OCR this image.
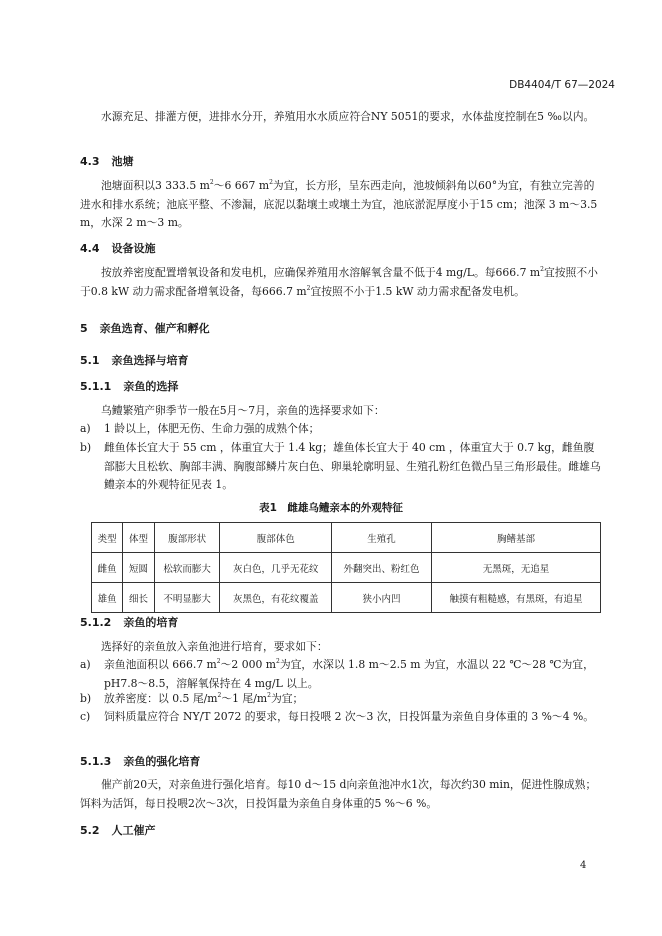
DB4404/T 67—2024
水源充足、排灌方便，进排水分开，养殖用水水质应符合NY 5051的要求，水体盐度控制在5 ‰以内。
4.3 池塘
池塘面积以3 333.5 $m^2\sim 6$ 667 $m^2$为宜，长方形，呈东西走向，池坡倾斜角以60°为宜，有独立完善的进水和排水系统；池底平整、不渗漏，底泥以黏壤土或壤土为宜，池底淤泥厚度小于15 cm；池深 3 m～3.5 m，水深 2 m～3 m。
4.4 设备设施
按放养密度配置增氧设备和发电机，应确保养殖用水溶解氧含量不低于4 mg/L。每666.7 $m^2$宜按照不小于0.8 kW 动力需求配备增氧设备，每666.7 $m^2$宜按照不小于1.5 kW 动力需求配备发电机。
5 亲鱼选育、催产和孵化
5.1 亲鱼选择与培育
5.1.1 亲鱼的选择
乌鳢繁殖产卵季节一般在5月～7月，亲鱼的选择要求如下：
a) 1 龄以上，体肥无伤、生命力强的成熟个体；
b) 雌鱼体长宜大于 55 cm ，体重宜大于 1.4 kg；雄鱼体长宜大于 40 cm ，体重宜大于 0.7 kg，雌鱼腹部膨大且松软、胸部丰满、胸腹部鳞片灰白色、卵巢轮廓明显、生殖孔粉红色微凸呈三角形最佳。雌雄乌鳢亲本的外观特征见表 1。
表1　雌雄乌鳢亲本的外观特征
类型	体型	腹部形状	腹部体色	生殖孔	胸鳍基部
雌鱼	短圆	松软而膨大	灰白色，几乎无花纹	外翻突出、粉红色	无黑斑，无追星
雄鱼	细长	不明显膨大	灰黑色，有花纹覆盖	狭小内凹	触摸有粗糙感，有黑斑，有追星
5.1.2 亲鱼的培育
选择好的亲鱼放入亲鱼池进行培育，要求如下：
a) 亲鱼池面积以 666.7 $m^2\sim 2$ 000 $m^2$为宜，水深以 1.8 m～2.5 m 为宜，水温以 22 ℃～28 ℃为宜，pH7.8～8.5，溶解氧保持在 4 mg/L 以上。
b) 放养密度：以 0.5 尾$/m^2\sim 1$ 尾$/m^2$为宜；
c) 饲料质量应符合 NY/T 2072 的要求，每日投喂 2 次～3 次，日投饵量为亲鱼自身体重的 3 %～4 %。
5.1.3 亲鱼的强化培育
催产前20天，对亲鱼进行强化培育。每10 d～15 d向亲鱼池冲水1次，每次约30 min，促进性腺成熟；饵料为活饵，每日投喂2次～3次，日投饵量为亲鱼自身体重的5 %～6 %。
5.2 人工催产
4
